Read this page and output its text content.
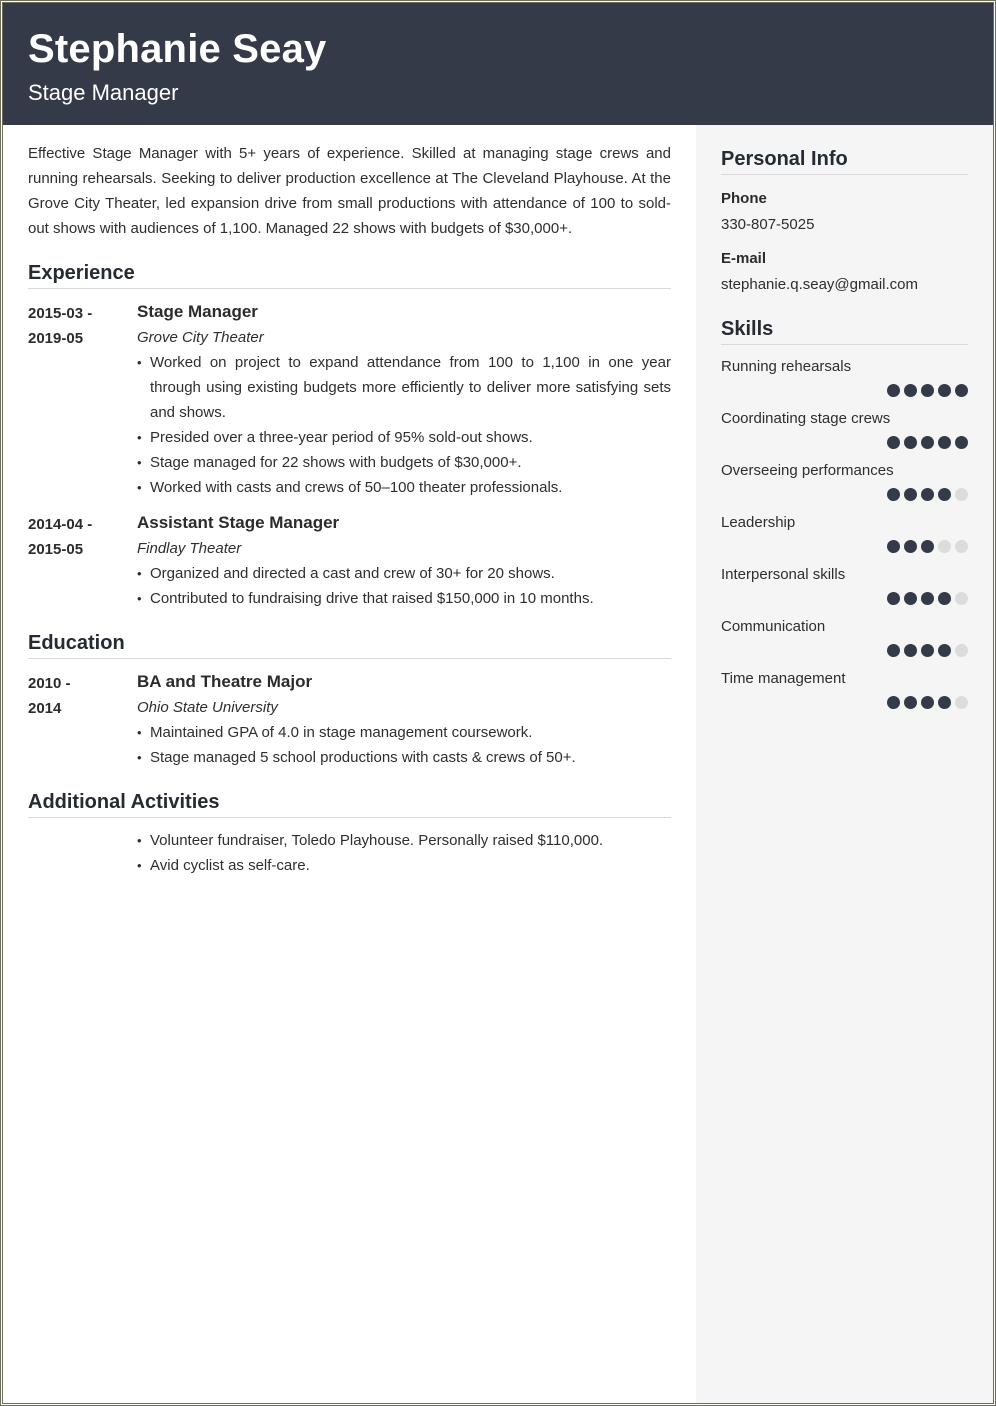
Stephanie Seay
Stage Manager

Effective Stage Manager with 5+ years of experience. Skilled at managing stage crews and running rehearsals. Seeking to deliver production excellence at The Cleveland Playhouse. At the Grove City Theater, led expansion drive from small productions with attendance of 100 to sold-out shows with audiences of 1,100. Managed 22 shows with budgets of $30,000+.

Experience
2015-03 -
2019-05
Stage Manager
Grove City Theater
• Worked on project to expand attendance from 100 to 1,100 in one year through using existing budgets more efficiently to deliver more satisfying sets and shows.
• Presided over a three-year period of 95% sold-out shows.
• Stage managed for 22 shows with budgets of $30,000+.
• Worked with casts and crews of 50–100 theater professionals.
2014-04 -
2015-05
Assistant Stage Manager
Findlay Theater
• Organized and directed a cast and crew of 30+ for 20 shows.
• Contributed to fundraising drive that raised $150,000 in 10 months.
Education
2010 -
2014
BA and Theatre Major
Ohio State University
• Maintained GPA of 4.0 in stage management coursework.
• Stage managed 5 school productions with casts & crews of 50+.
Additional Activities
• Volunteer fundraiser, Toledo Playhouse. Personally raised $110,000.
• Avid cyclist as self-care.
Personal Info
Phone
330-807-5025
E-mail
stephanie.q.seay@gmail.com
Skills
Running rehearsals
Coordinating stage crews
Overseeing performances
Leadership
Interpersonal skills
Communication
Time management
